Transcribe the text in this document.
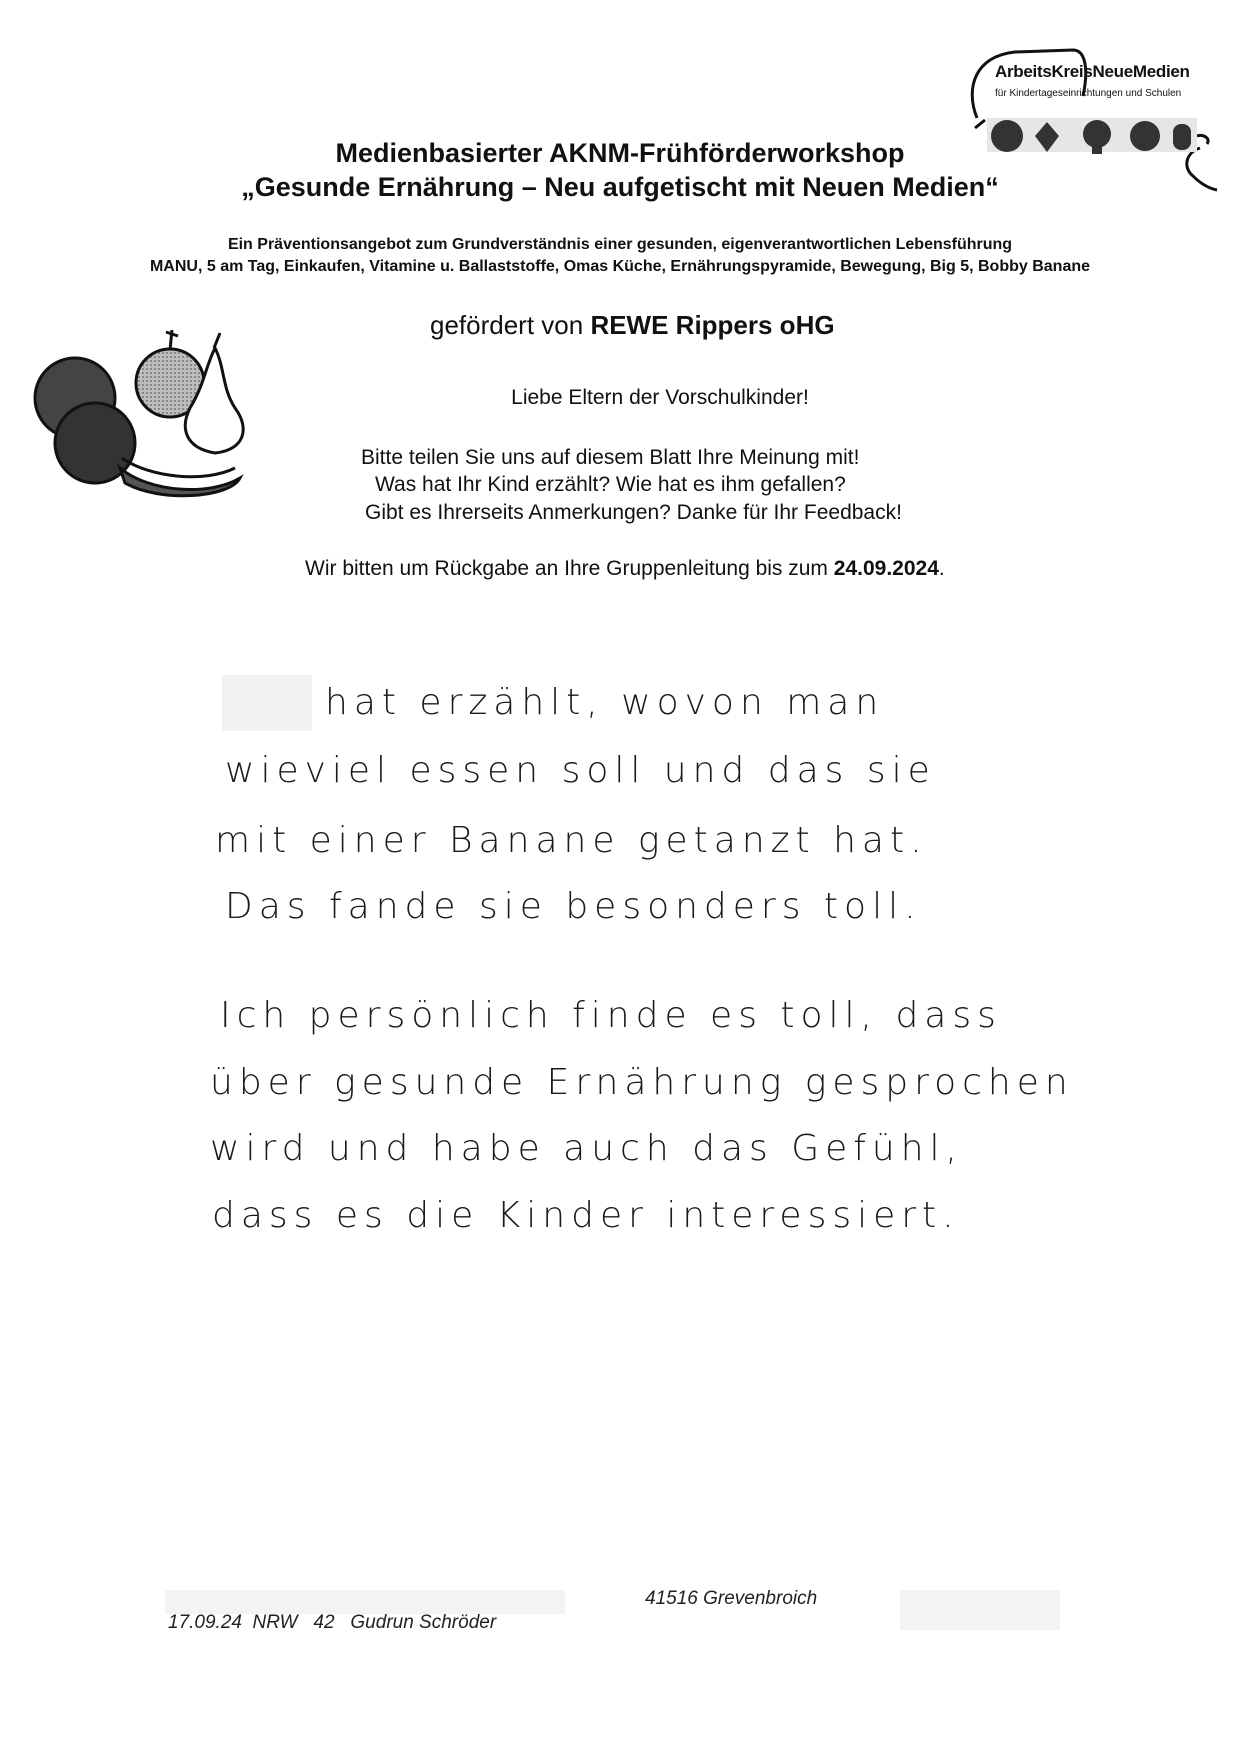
ArbeitsKreisNeueMedien
für Kindertageseinrichtungen und Schulen
Medienbasierter AKNM-Frühförderworkshop
„Gesunde Ernährung – Neu aufgetischt mit Neuen Medien“
Ein Präventionsangebot zum Grundverständnis einer gesunden, eigenverantwortlichen Lebensführung
MANU, 5 am Tag, Einkaufen, Vitamine u. Ballaststoffe, Omas Küche, Ernährungspyramide, Bewegung, Big 5, Bobby Banane
gefördert von REWE Rippers oHG
Liebe Eltern der Vorschulkinder!
Bitte teilen Sie uns auf diesem Blatt Ihre Meinung mit!
Was hat Ihr Kind erzählt? Wie hat es ihm gefallen?
Gibt es Ihrerseits Anmerkungen? Danke für Ihr Feedback!
Wir bitten um Rückgabe an Ihre Gruppenleitung bis zum 24.09.2024.
hat erzählt, wovon man
wieviel essen soll und das sie
mit einer Banane getanzt hat.
Das fande sie besonders toll.
Ich persönlich finde es toll, dass
über gesunde Ernährung gesprochen
wird und habe auch das Gefühl,
dass es die Kinder interessiert.
17.09.24 NRW 42 Gudrun Schröder
41516 Grevenbroich
